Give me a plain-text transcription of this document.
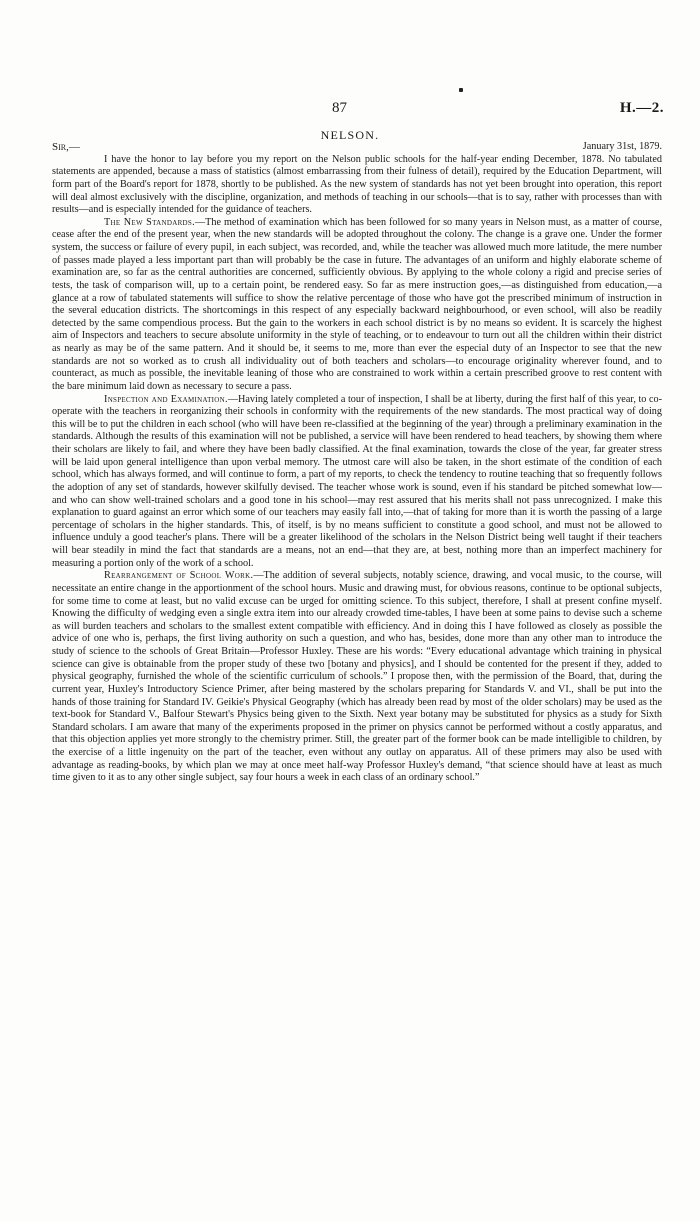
87	H.—2.
NELSON.
Sir,—	January 31st, 1879.

I have the honor to lay before you my report on the Nelson public schools for the half-year ending December, 1878. No tabulated statements are appended, because a mass of statistics (almost embarrassing from their fulness of detail), required by the Education Department, will form part of the Board's report for 1878, shortly to be published. As the new system of standards has not yet been brought into operation, this report will deal almost exclusively with the discipline, organization, and methods of teaching in our schools—that is to say, rather with processes than with results—and is especially intended for the guidance of teachers.

The New Standards.—The method of examination which has been followed for so many years in Nelson must, as a matter of course, cease after the end of the present year, when the new standards will be adopted throughout the colony. The change is a grave one. Under the former system, the success or failure of every pupil, in each subject, was recorded, and, while the teacher was allowed much more latitude, the mere number of passes made played a less important part than will probably be the case in future. The advantages of an uniform and highly elaborate scheme of examination are, so far as the central authorities are concerned, sufficiently obvious. By applying to the whole colony a rigid and precise series of tests, the task of comparison will, up to a certain point, be rendered easy. So far as mere instruction goes,—as distinguished from education,—a glance at a row of tabulated statements will suffice to show the relative percentage of those who have got the prescribed minimum of instruction in the several education districts. The shortcomings in this respect of any especially backward neighbourhood, or even school, will also be readily detected by the same compendious process. But the gain to the workers in each school district is by no means so evident. It is scarcely the highest aim of Inspectors and teachers to secure absolute uniformity in the style of teaching, or to endeavour to turn out all the children within their district as nearly as may be of the same pattern. And it should be, it seems to me, more than ever the especial duty of an Inspector to see that the new standards are not so worked as to crush all individuality out of both teachers and scholars—to encourage originality wherever found, and to counteract, as much as possible, the inevitable leaning of those who are constrained to work within a certain prescribed groove to rest content with the bare minimum laid down as necessary to secure a pass.

Inspection and Examination.—Having lately completed a tour of inspection, I shall be at liberty, during the first half of this year, to co-operate with the teachers in reorganizing their schools in conformity with the requirements of the new standards. The most practical way of doing this will be to put the children in each school (who will have been re-classified at the beginning of the year) through a preliminary examination in the standards. Although the results of this examination will not be published, a service will have been rendered to head teachers, by showing them where their scholars are likely to fail, and where they have been badly classified. At the final examination, towards the close of the year, far greater stress will be laid upon general intelligence than upon verbal memory. The utmost care will also be taken, in the short estimate of the condition of each school, which has always formed, and will continue to form, a part of my reports, to check the tendency to routine teaching that so frequently follows the adoption of any set of standards, however skilfully devised. The teacher whose work is sound, even if his standard be pitched somewhat low—and who can show well-trained scholars and a good tone in his school—may rest assured that his merits shall not pass unrecognized. I make this explanation to guard against an error which some of our teachers may easily fall into,—that of taking for more than it is worth the passing of a large percentage of scholars in the higher standards. This, of itself, is by no means sufficient to constitute a good school, and must not be allowed to influence unduly a good teacher's plans. There will be a greater likelihood of the scholars in the Nelson District being well taught if their teachers will bear steadily in mind the fact that standards are a means, not an end—that they are, at best, nothing more than an imperfect machinery for measuring a portion only of the work of a school.

Rearrangement of School Work.—The addition of several subjects, notably science, drawing, and vocal music, to the course, will necessitate an entire change in the apportionment of the school hours. Music and drawing must, for obvious reasons, continue to be optional subjects, for some time to come at least, but no valid excuse can be urged for omitting science. To this subject, therefore, I shall at present confine myself. Knowing the difficulty of wedging even a single extra item into our already crowded time-tables, I have been at some pains to devise such a scheme as will burden teachers and scholars to the smallest extent compatible with efficiency. And in doing this I have followed as closely as possible the advice of one who is, perhaps, the first living authority on such a question, and who has, besides, done more than any other man to introduce the study of science to the schools of Great Britain—Professor Huxley. These are his words: “Every educational advantage which training in physical science can give is obtainable from the proper study of these two [botany and physics], and I should be contented for the present if they, added to physical geography, furnished the whole of the scientific curriculum of schools.” I propose then, with the permission of the Board, that, during the current year, Huxley's Introductory Science Primer, after being mastered by the scholars preparing for Standards V. and VI., shall be put into the hands of those training for Standard IV. Geikie's Physical Geography (which has already been read by most of the older scholars) may be used as the text-book for Standard V., Balfour Stewart's Physics being given to the Sixth. Next year botany may be substituted for physics as a study for Sixth Standard scholars. I am aware that many of the experiments proposed in the primer on physics cannot be performed without a costly apparatus, and that this objection applies yet more strongly to the chemistry primer. Still, the greater part of the former book can be made intelligible to children, by the exercise of a little ingenuity on the part of the teacher, even without any outlay on apparatus. All of these primers may also be used with advantage as reading-books, by which plan we may at once meet half-way Professor Huxley's demand, “that science should have at least as much time given to it as to any other single subject, say four hours a week in each class of an ordinary school.”
